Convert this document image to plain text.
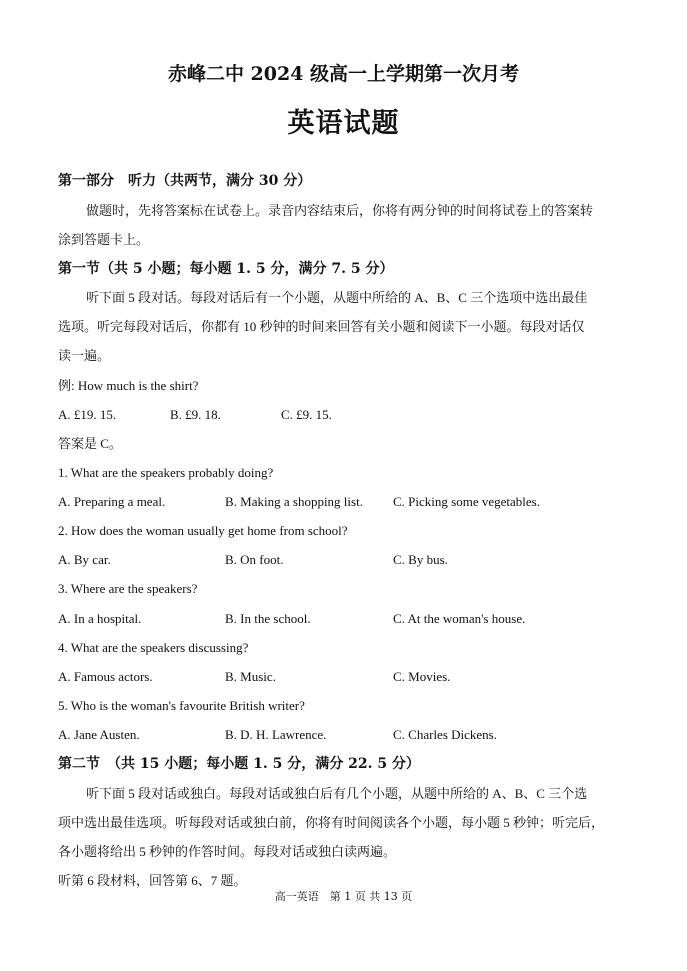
赤峰二中 2024 级高一上学期第一次月考
英语试题
第一部分　听力（共两节，满分 30 分）
做题时，先将答案标在试卷上。录音内容结束后，你将有两分钟的时间将试卷上的答案转
涂到答题卡上。
第一节（共 5 小题；每小题 1. 5 分，满分 7. 5 分）
听下面 5 段对话。每段对话后有一个小题，从题中所给的 A、B、C 三个选项中选出最佳
选项。听完每段对话后，你都有 10 秒钟的时间来回答有关小题和阅读下一小题。每段对话仅
读一遍。
例: How much is the shirt?
A. £19. 15.	B. £9. 18.	C. £9. 15.
答案是 C。
1. What are the speakers probably doing?
A. Preparing a meal.	B. Making a shopping list. C. Picking some vegetables.
2. How does the woman usually get home from school?
A. By car.	B. On foot.	C. By bus.
3. Where are the speakers?
A. In a hospital.	B. In the school.	C. At the woman's house.
4. What are the speakers discussing?
A. Famous actors.	B. Music.	C. Movies.
5. Who is the woman's favourite British writer?
A. Jane Austen.	B. D. H. Lawrence.	C. Charles Dickens.
第二节　（共 15 小题；每小题 1. 5 分，满分 22. 5 分）
听下面 5 段对话或独白。每段对话或独白后有几个小题，从题中所给的 A、B、C 三个选
项中选出最佳选项。听每段对话或独白前，你将有时间阅读各个小题，每小题 5 秒钟；听完后，
各小题将给出 5 秒钟的作答时间。每段对话或独白读两遍。
听第 6 段材料，回答第 6、7 题。
高一英语　第 1 页 共 13 页
